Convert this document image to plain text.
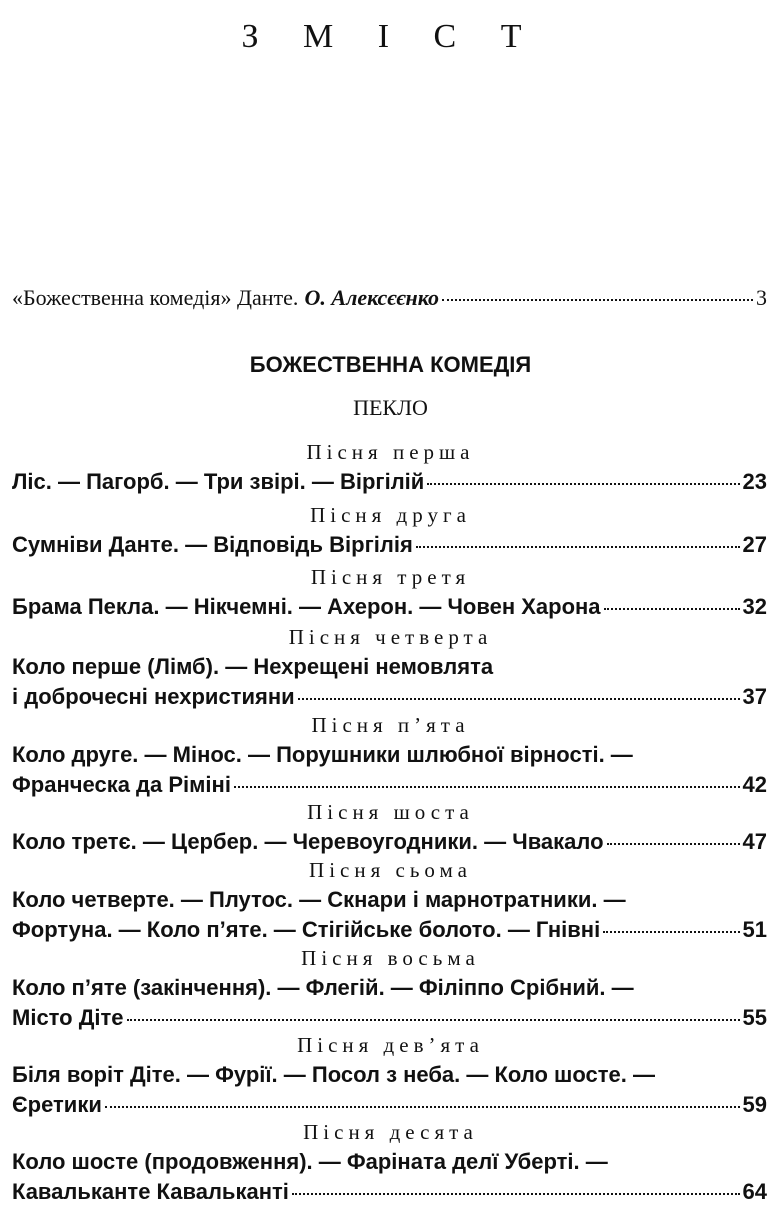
З М І С Т
«Божественна комедія» Данте. О. Алексєєнко	3
БОЖЕСТВЕННА КОМЕДІЯ
ПЕКЛО
Пісня перша
Ліс. — Пагорб. — Три звірі. — Віргілій	23
Пісня друга
Сумніви Данте. — Відповідь Віргілія	27
Пісня третя
Брама Пекла. — Нікчемні. — Ахерон. — Човен Харона	32
Пісня четверта
Коло перше (Лімб). — Нехрещені немовлята
і доброчесні нехристияни	37
Пісня п’ята
Коло друге. — Мінос. — Порушники шлюбної вірності. —
Франческа да Ріміні	42
Пісня шоста
Коло третє. — Цербер. — Черевоугодники. — Чвакало	47
Пісня сьома
Коло четверте. — Плутос. — Скнари і марнотратники. —
Фортуна. — Коло п’яте. — Стігійське болото. — Гнівні	51
Пісня восьма
Коло п’яте (закінчення). — Флегій. — Філіппо Срібний. —
Місто Діте	55
Пісня дев’ята
Біля воріт Діте. — Фурії. — Посол з неба. — Коло шосте. —
Єретики	59
Пісня десята
Коло шосте (продовження). — Фаріната делї Уберті. —
Кавальканте Кавальканті	64
